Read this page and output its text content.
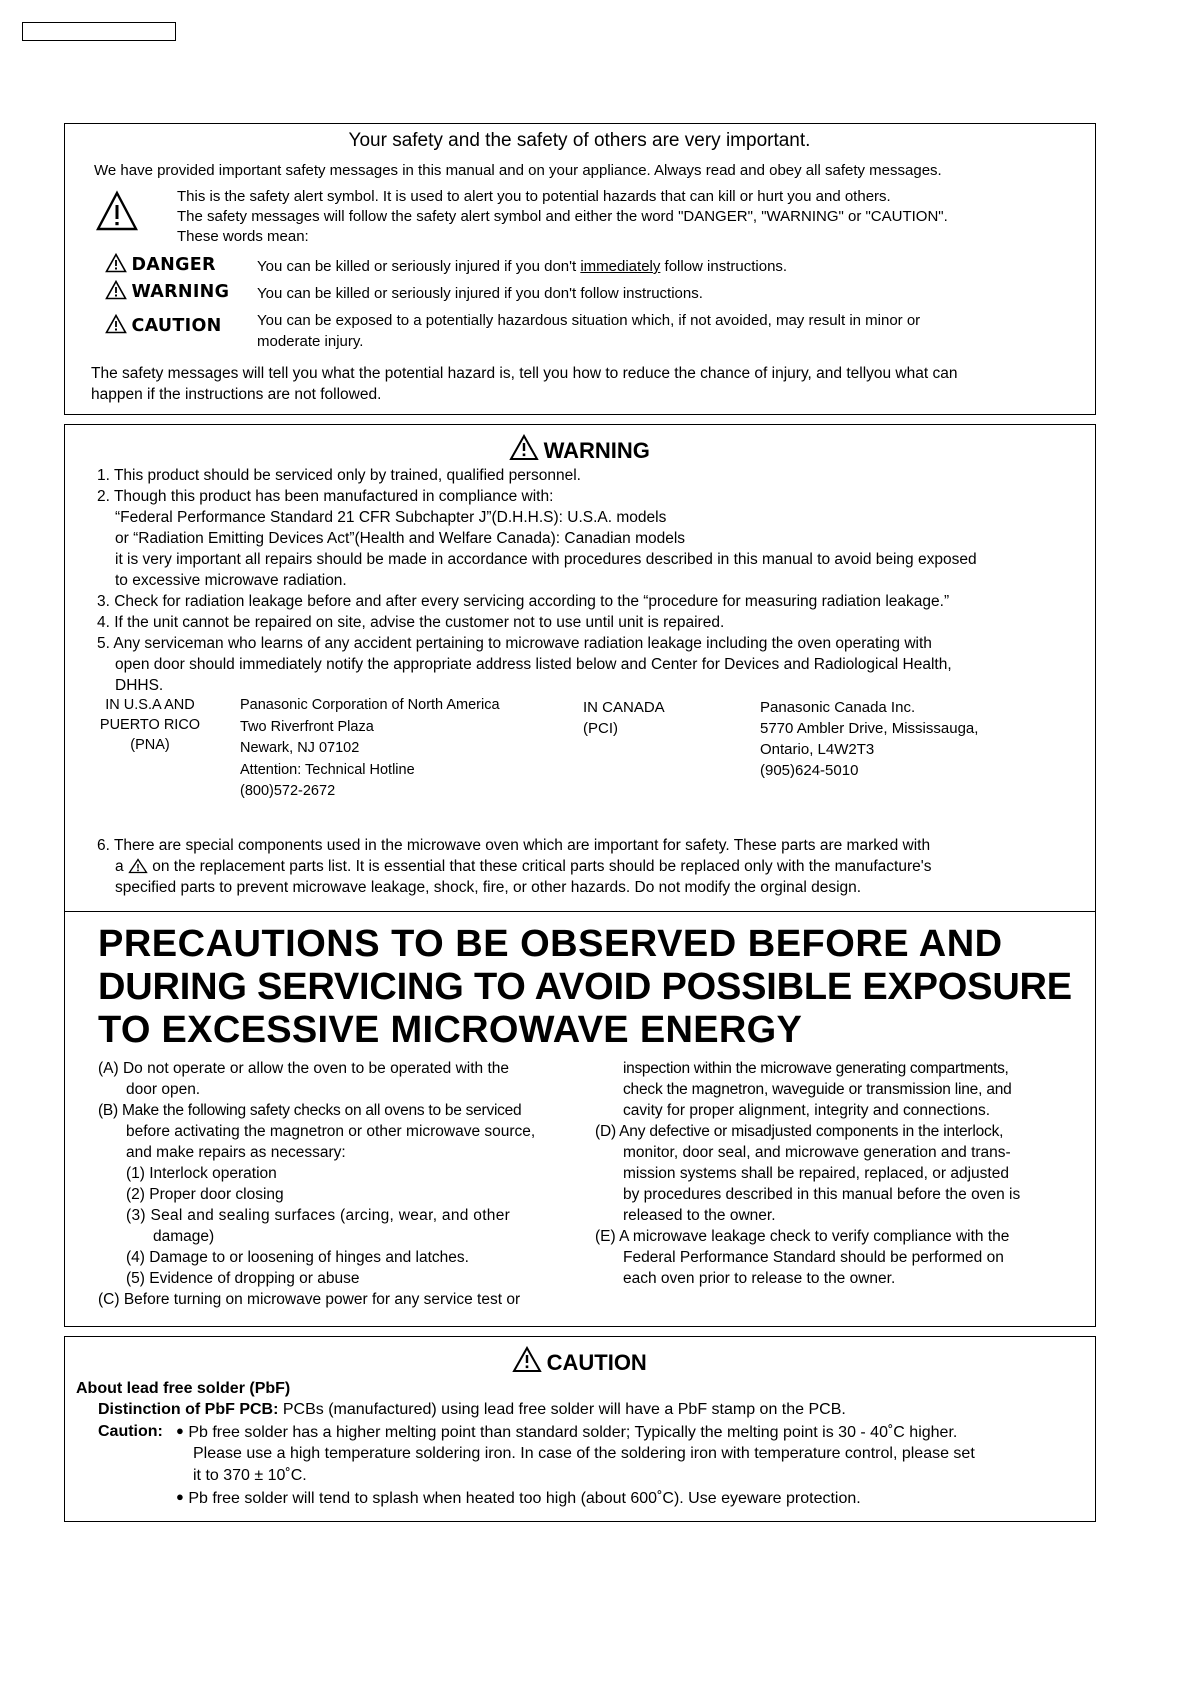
Your safety and the safety of others are very important.
We have provided important safety messages in this manual and on your appliance. Always read and obey all safety messages.
This is the safety alert symbol. It is used to alert you to potential hazards that can kill or hurt you and others.
The safety messages will follow the safety alert symbol and either the word "DANGER", "WARNING" or "CAUTION".
These words mean:
DANGER	You can be killed or seriously injured if you don't immediately follow instructions.
WARNING You can be killed or seriously injured if you don't follow instructions.
CAUTION You can be exposed to a potentially hazardous situation which, if not avoided, may result in minor or
moderate injury.
The safety messages will tell you what the potential hazard is, tell you how to reduce the chance of injury, and tellyou what can
happen if the instructions are not followed.
WARNING
1. This product should be serviced only by trained, qualified personnel.
2. Though this product has been manufactured in compliance with:
“Federal Performance Standard 21 CFR Subchapter J”(D.H.H.S): U.S.A. models
or “Radiation Emitting Devices Act”(Health and Welfare Canada): Canadian models
it is very important all repairs should be made in accordance with procedures described in this manual to avoid being exposed
to excessive microwave radiation.
3. Check for radiation leakage before and after every servicing according to the “procedure for measuring radiation leakage.”
4. If the unit cannot be repaired on site, advise the customer not to use until unit is repaired.
5. Any serviceman who learns of any accident pertaining to microwave radiation leakage including the oven operating with
open door should immediately notify the appropriate address listed below and Center for Devices and Radiological Health,
DHHS.
IN U.S.A AND
PUERTO RICO
(PNA)
Panasonic Corporation of North America
Two Riverfront Plaza
Newark, NJ 07102
Attention: Technical Hotline
(800)572-2672
IN CANADA
(PCI)
Panasonic Canada Inc.
5770 Ambler Drive, Mississauga,
Ontario, L4W2T3
(905)624-5010
6. There are special components used in the microwave oven which are important for safety. These parts are marked with
a on the replacement parts list. It is essential that these critical parts should be replaced only with the manufacture's
specified parts to prevent microwave leakage, shock, fire, or other hazards. Do not modify the orginal design.
PRECAUTIONS TO BE OBSERVED BEFORE AND
DURING SERVICING TO AVOID POSSIBLE EXPOSURE
TO EXCESSIVE MICROWAVE ENERGY
(A) Do not operate or allow the oven to be operated with the
door open.
(B) Make the following safety checks on all ovens to be serviced
before activating the magnetron or other microwave source,
and make repairs as necessary:
(1) Interlock operation
(2) Proper door closing
(3) Seal and sealing surfaces (arcing, wear, and other
damage)
(4) Damage to or loosening of hinges and latches.
(5) Evidence of dropping or abuse
(C) Before turning on microwave power for any service test or
inspection within the microwave generating compartments,
check the magnetron, waveguide or transmission line, and
cavity for proper alignment, integrity and connections.
(D) Any defective or misadjusted components in the interlock,
monitor, door seal, and microwave generation and trans-
mission systems shall be repaired, replaced, or adjusted
by procedures described in this manual before the oven is
released to the owner.
(E) A microwave leakage check to verify compliance with the
Federal Performance Standard should be performed on
each oven prior to release to the owner.
CAUTION
About lead free solder (PbF)
Distinction of PbF PCB: PCBs (manufactured) using lead free solder will have a PbF stamp on the PCB.
Caution: ● Pb free solder has a higher melting point than standard solder; Typically the melting point is 30 - 40˚C higher.
Please use a high temperature soldering iron. In case of the soldering iron with temperature control, please set
it to 370 ± 10˚C.
● Pb free solder will tend to splash when heated too high (about 600˚C). Use eyeware protection.
